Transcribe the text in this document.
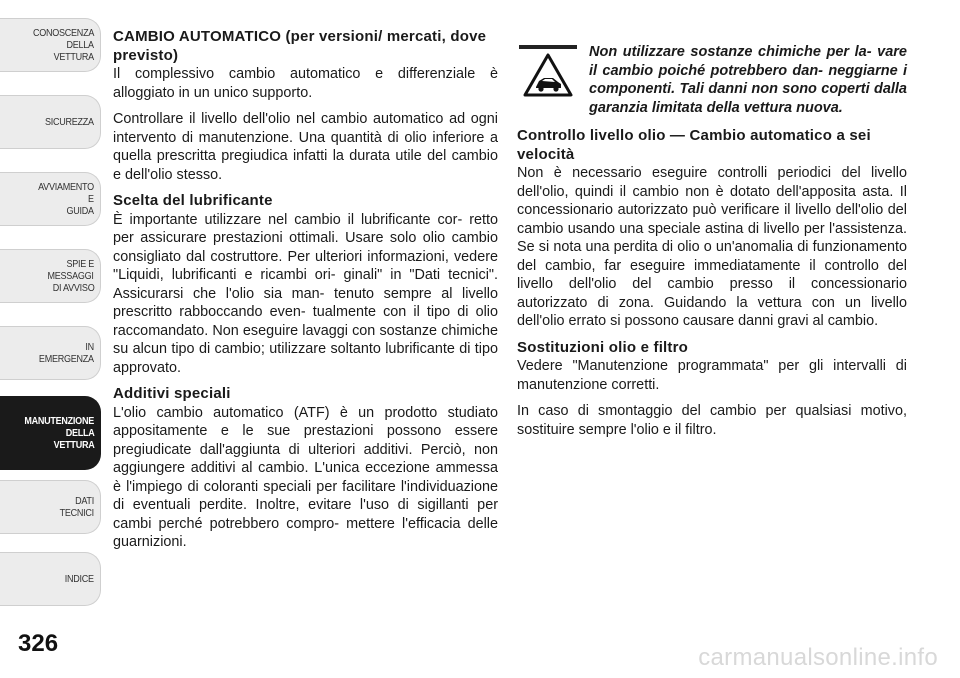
CONOSCENZA
DELLA
VETTURA
SICUREZZA
AVVIAMENTO
E
GUIDA
SPIE E
MESSAGGI
DI AVVISO
IN
EMERGENZA
MANUTENZIONE
DELLA
VETTURA
DATI
TECNICI
INDICE
326
CAMBIO AUTOMATICO (per versioni/ mercati, dove previsto)

Il complessivo cambio automatico e differenziale è alloggiato in un unico supporto.

Controllare il livello dell'olio nel cambio automatico ad ogni intervento di manutenzione. Una quantità di olio inferiore a quella prescritta pregiudica infatti la durata utile del cambio e dell'olio stesso.

Scelta del lubrificante

È importante utilizzare nel cambio il lubrificante cor- retto per assicurare prestazioni ottimali. Usare solo olio cambio consigliato dal costruttore. Per ulteriori informazioni, vedere "Liquidi, lubrificanti e ricambi ori- ginali" in "Dati tecnici". Assicurarsi che l'olio sia man- tenuto sempre al livello prescritto rabboccando even- tualmente con il tipo di olio raccomandato. Non eseguire lavaggi con sostanze chimiche su alcun tipo di cambio; utilizzare soltanto lubrificante di tipo approvato.

Additivi speciali

L'olio cambio automatico (ATF) è un prodotto studiato appositamente e le sue prestazioni possono essere pregiudicate dall'aggiunta di ulteriori additivi. Perciò, non aggiungere additivi al cambio. L'unica eccezione ammessa è l'impiego di coloranti speciali per facilitare l'individuazione di eventuali perdite. Inoltre, evitare l'uso di sigillanti per cambi perché potrebbero compro- mettere l'efficacia delle guarnizioni.

Non utilizzare sostanze chimiche per la- vare il cambio poiché potrebbero dan- neggiarne i componenti. Tali danni non sono coperti dalla garanzia limitata della vettura nuova.
Controllo livello olio — Cambio automatico a sei velocità

Non è necessario eseguire controlli periodici del livello dell'olio, quindi il cambio non è dotato dell'apposita asta. Il concessionario autorizzato può verificare il livello dell'olio del cambio usando una speciale astina di livello per l'assistenza. Se si nota una perdita di olio o un'anomalia di funzionamento del cambio, far eseguire immediatamente il controllo del livello dell'olio del cambio presso il concessionario autorizzato di zona. Guidando la vettura con un livello dell'olio errato si possono causare danni gravi al cambio.

Sostituzioni olio e filtro

Vedere "Manutenzione programmata" per gli intervalli di manutenzione corretti.

In caso di smontaggio del cambio per qualsiasi motivo, sostituire sempre l'olio e il filtro.

carmanualsonline.info
